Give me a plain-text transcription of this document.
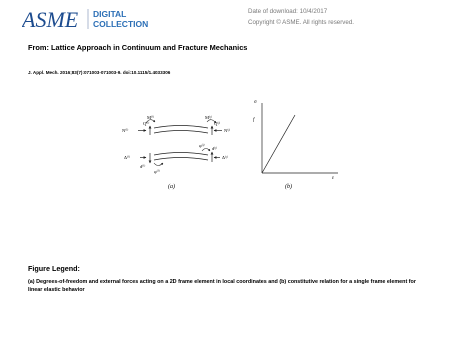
ASME DIGITAL
COLLECTION
Date of download: 10/4/2017
Copyright © ASME. All rights reserved.
From: Lattice Approach in Continuum and Fracture Mechanics
J. Appl. Mech. 2016;83(7):071003-071003-9. doi:10.1115/1.4033306
N⁽ⁱ⁾
Q⁽ⁱ⁾
M⁽ⁱ⁾	M⁽ʲ⁾
Q⁽ʲ⁾
N⁽ʲ⁾
Δ⁽ⁱ⁾
d⁽ⁱ⁾
φ⁽ⁱ⁾
φ⁽ʲ⁾
d⁽ʲ⁾
Δ⁽ʲ⁾
(a)
σ
f
ε
(b)
Figure Legend:
(a) Degrees-of-freedom and external forces acting on a 2D frame element in local coordinates and (b) constitutive relation for a single frame element for linear elastic behavior
